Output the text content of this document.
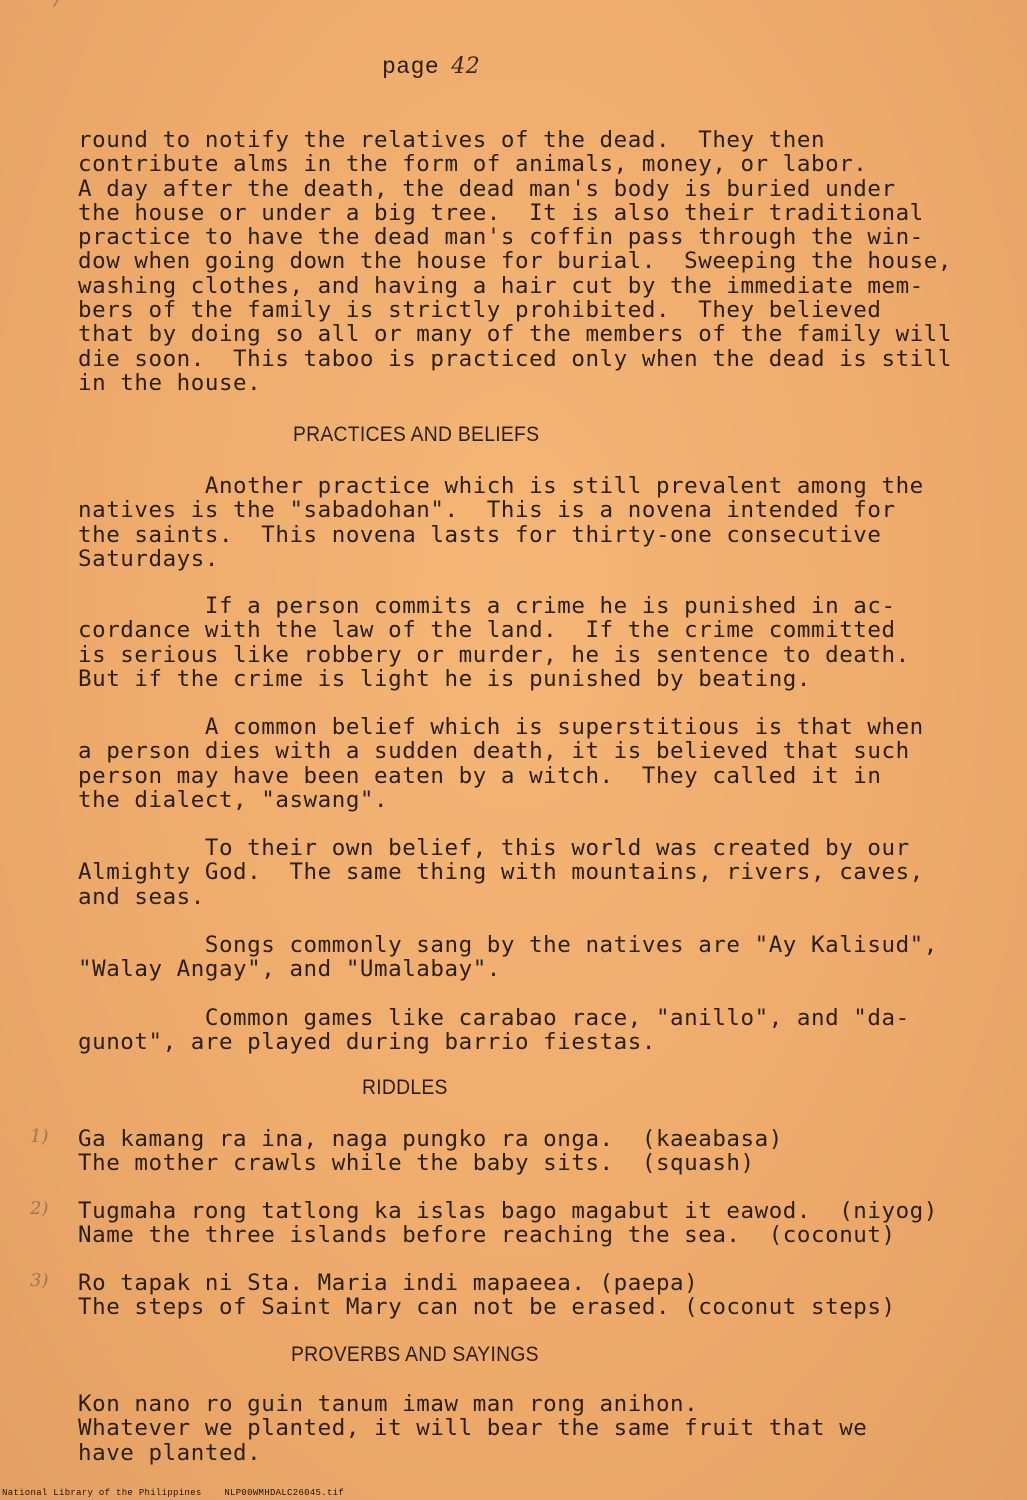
page 42
round to notify the relatives of the dead.  They then
contribute alms in the form of animals, money, or labor.
A day after the death, the dead man's body is buried under
the house or under a big tree.  It is also their traditional
practice to have the dead man's coffin pass through the win-
dow when going down the house for burial.  Sweeping the house,
washing clothes, and having a hair cut by the immediate mem-
bers of the family is strictly prohibited.  They believed
that by doing so all or many of the members of the family will
die soon.  This taboo is practiced only when the dead is still
in the house.
PRACTICES AND BELIEFS
Another practice which is still prevalent among the
natives is the "sabadohan".  This is a novena intended for
the saints.  This novena lasts for thirty-one consecutive
Saturdays.
If a person commits a crime he is punished in ac-
cordance with the law of the land.  If the crime committed
is serious like robbery or murder, he is sentence to death.
But if the crime is light he is punished by beating.
A common belief which is superstitious is that when
a person dies with a sudden death, it is believed that such
person may have been eaten by a witch.  They called it in
the dialect, "aswang".
To their own belief, this world was created by our
Almighty God.  The same thing with mountains, rivers, caves,
and seas.
Songs commonly sang by the natives are "Ay Kalisud",
"Walay Angay", and "Umalabay".
Common games like carabao race, "anillo", and "da-
gunot", are played during barrio fiestas.
RIDDLES
1) Ga kamang ra ina, naga pungko ra onga.  (kaeabasa)
The mother crawls while the baby sits.  (squash)
2) Tugmaha rong tatlong ka islas bago magabut it eawod.  (niyog)
Name the three islands before reaching the sea.  (coconut)
3) Ro tapak ni Sta. Maria indi mapaeea. (paepa)
The steps of Saint Mary can not be erased. (coconut steps)
PROVERBS AND SAYINGS
Kon nano ro guin tanum imaw man rong anihon.
Whatever we planted, it will bear the same fruit that we
have planted.
National Library of the Philippines    NLP00WMHDALC26045.tif
